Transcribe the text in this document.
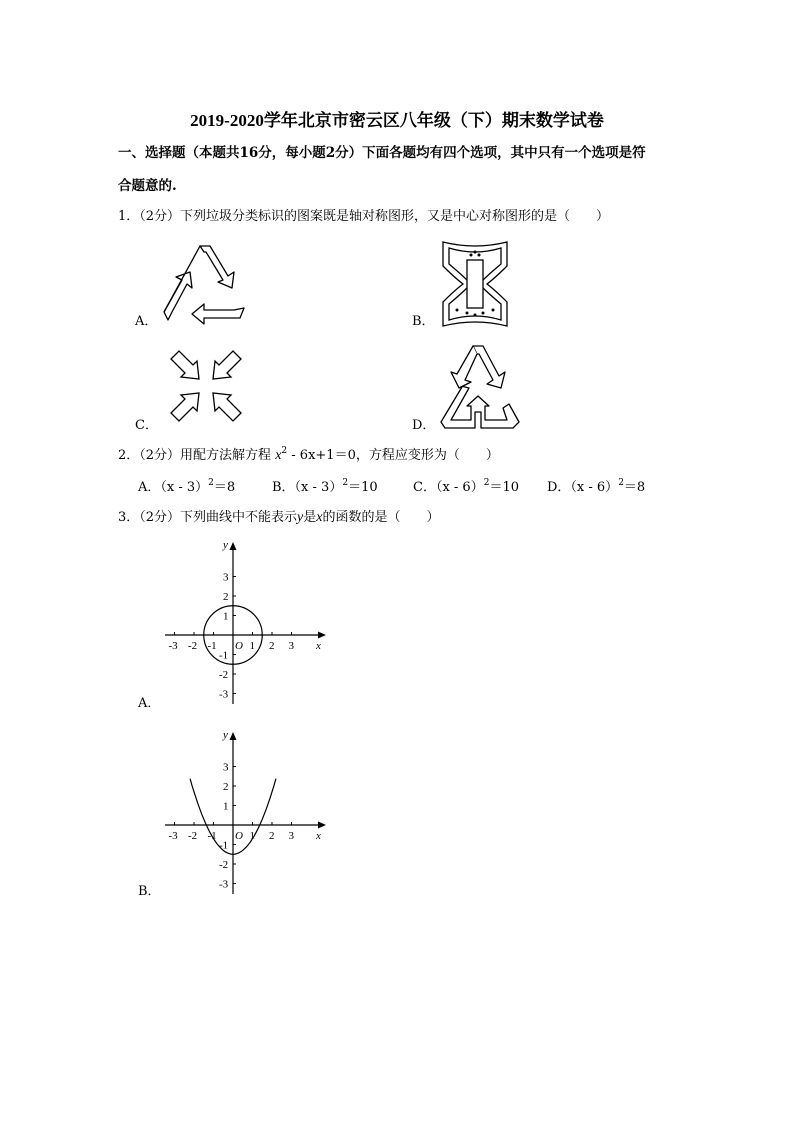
2019-2020学年北京市密云区八年级（下）期末数学试卷
一、选择题（本题共16分，每小题2分）下面各题均有四个选项，其中只有一个选项是符
合题意的.
1．（2分）下列垃圾分类标识的图案既是轴对称图形，又是中心对称图形的是（　　）
A．	B．
C．	D．
2．（2分）用配方法解方程 $x^2 - 6x+1=0$，方程应变形为（　　）
A．（x - 3）$^2$＝8	B．（x - 3）$^2$＝10	C．（x - 6）$^2$＝10 D．（x - 6）$^2$＝8
3．（2分）下列曲线中不能表示y是x的函数的是（　　）
A．
B．
-3 -2 -1	1 2 3
3
2
1
-1
-2
-3
x
y
O
-3 -2 -1	1 2 3
3
2
1
-1
-2
-3
x
y
O
